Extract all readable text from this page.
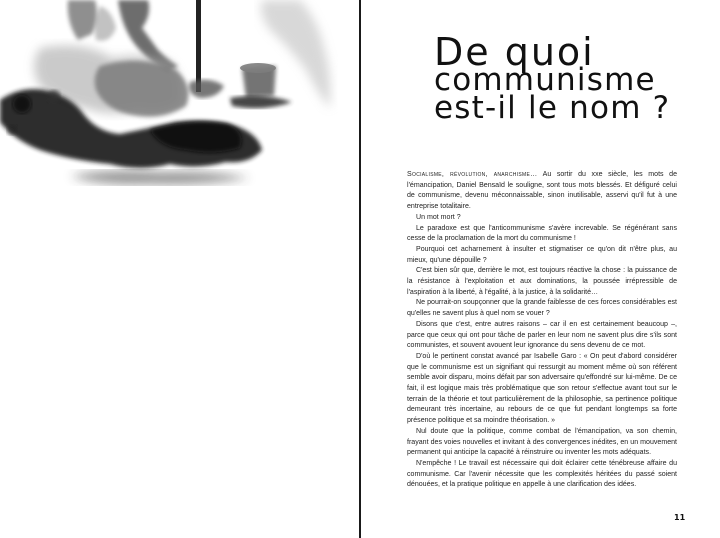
De quoi
communisme
est-il le nom ?

Socialisme, révolution, anarchisme… Au sortir du xxe siècle, les mots de l'émancipation, Daniel Bensaïd le souligne, sont tous mots blessés. Et défiguré celui de communisme, devenu méconnaissable, sinon inutilisable, asservi qu'il fut à une entreprise totalitaire.

Un mot mort ?

Le paradoxe est que l'anticommunisme s'avère increvable. Se régénérant sans cesse de la proclamation de la mort du communisme !

Pourquoi cet acharnement à insulter et stigmatiser ce qu'on dit n'être plus, au mieux, qu'une dépouille ?

C'est bien sûr que, derrière le mot, est toujours réactive la chose : la puissance de la résistance à l'exploitation et aux dominations, la poussée irrépressible de l'aspiration à la liberté, à l'égalité, à la justice, à la solidarité…

Ne pourrait-on soupçonner que la grande faiblesse de ces forces considérables est qu'elles ne savent plus à quel nom se vouer ?

Disons que c'est, entre autres raisons – car il en est certainement beaucoup –, parce que ceux qui ont pour tâche de parler en leur nom ne savent plus dire s'ils sont communistes, et souvent avouent leur ignorance du sens devenu de ce mot.

D'où le pertinent constat avancé par Isabelle Garo : « On peut d'abord considérer que le communisme est un signifiant qui ressurgit au moment même où son référent semble avoir disparu, moins défait par son adversaire qu'effondré sur lui-même. De ce fait, il est logique mais très problématique que son retour s'effectue avant tout sur le terrain de la théorie et tout particulièrement de la philosophie, sa pertinence politique demeurant très incertaine, au rebours de ce que fut pendant longtemps sa forte présence politique et sa moindre théorisation. »

Nul doute que la politique, comme combat de l'émancipation, va son chemin, frayant des voies nouvelles et invitant à des convergences inédites, en un mouvement permanent qui anticipe la capacité à réinstruire ou inventer les mots adéquats.

N'empêche ! Le travail est nécessaire qui doit éclairer cette ténébreuse affaire du communisme. Car l'avenir nécessite que les complexités héritées du passé soient dénouées, et la pratique politique en appelle à une clarification des idées.

11
